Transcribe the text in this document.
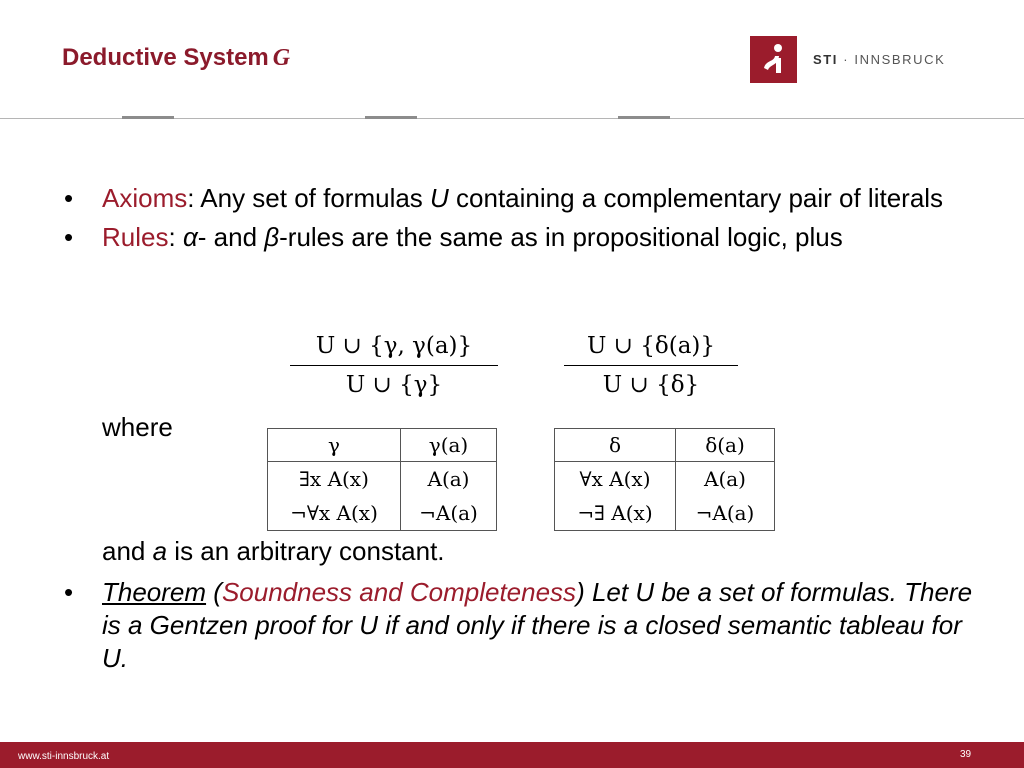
Deductive System G	STI · INNSBRUCK
• Axioms: Any set of formulas U containing a complementary pair of literals
• Rules: α- and β-rules are the same as in propositional logic, plus
U ∪ {γ, γ(a)}
U ∪ {γ}
U ∪ {δ(a)}
U ∪ {δ}
where
γ	γ(a)
∃x A(x)	A(a)
¬∀x A(x)	¬A(a)
δ	δ(a)
∀x A(x)	A(a)
¬∃ A(x)	¬A(a)
and a is an arbitrary constant.
• Theorem (Soundness and Completeness) Let U be a set of formulas. There is a Gentzen proof for U if and only if there is a closed semantic tableau for U.
www.sti-innsbruck.at	39
